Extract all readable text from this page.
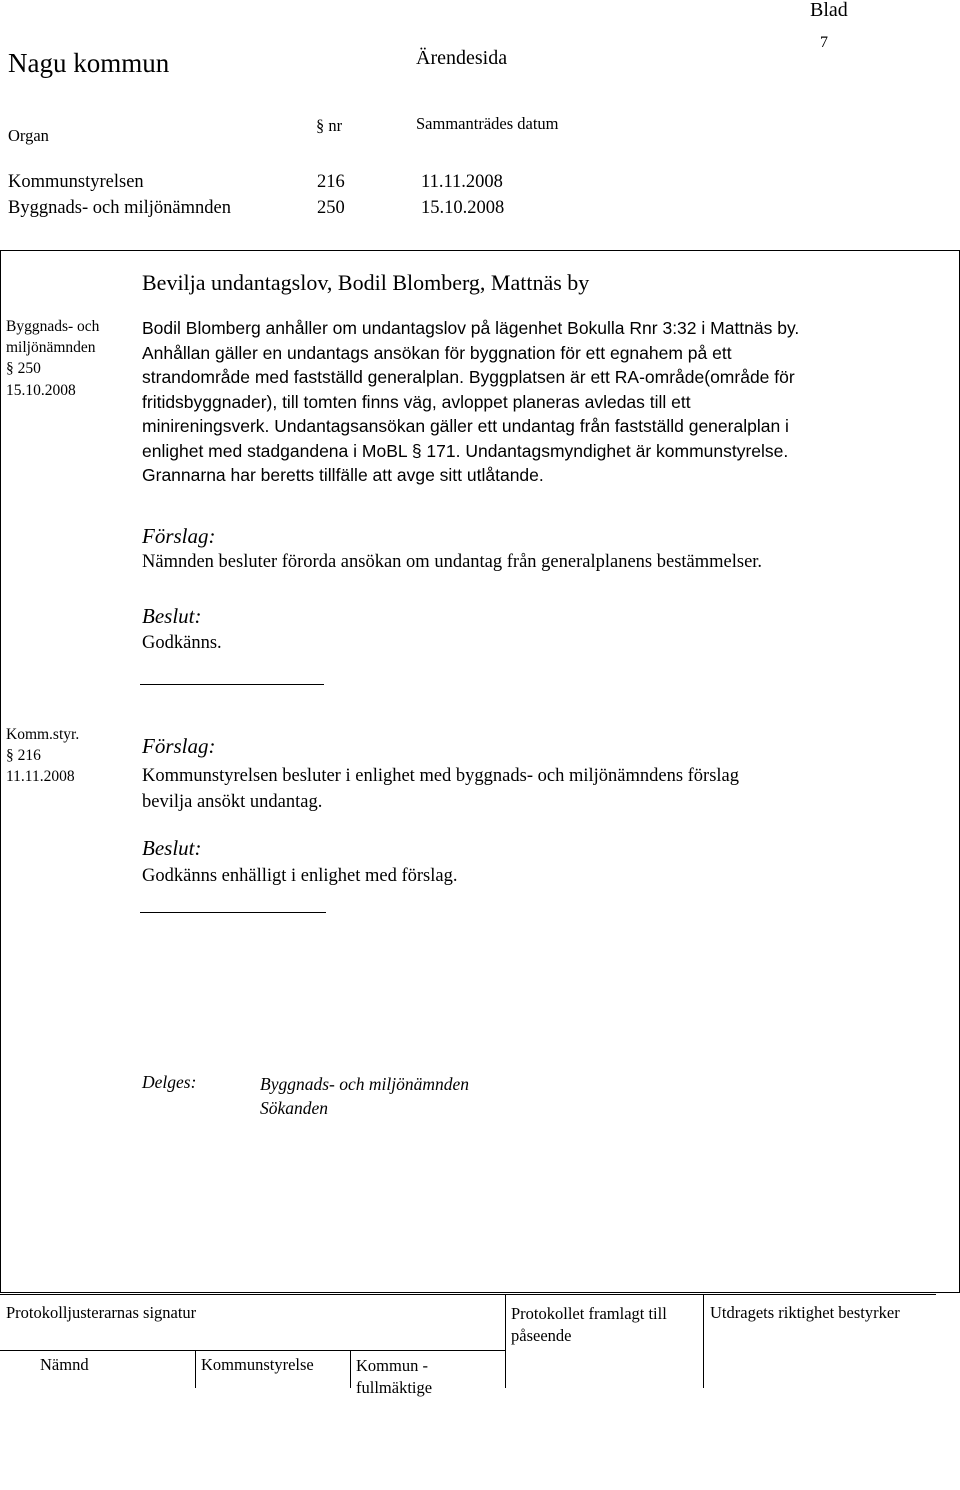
Blad
7
Nagu kommun	Ärendesida
Organ
§ nr	Sammanträdes datum
Kommunstyrelsen	216	11.11.2008
Byggnads- och miljönämnden	250	15.10.2008
Bevilja undantagslov, Bodil Blomberg, Mattnäs by
Byggnads- och
miljönämnden
§ 250
15.10.2008
Bodil Blomberg anhåller om undantagslov på lägenhet Bokulla Rnr 3:32 i Mattnäs by.
Anhållan gäller en undantags ansökan för byggnation för ett egnahem på ett
strandområde med fastställd generalplan. Byggplatsen är ett RA-område(område för
fritidsbyggnader), till tomten finns väg, avloppet planeras avledas till ett
minireningsverk. Undantagsansökan gäller ett undantag från fastställd generalplan i
enlighet med stadgandena i MoBL § 171. Undantagsmyndighet är kommunstyrelse.
Grannarna har beretts tillfälle att avge sitt utlåtande.
Förslag:
Nämnden besluter förorda ansökan om undantag från generalplanens bestämmelser.
Beslut:
Godkänns.
Komm.styr.
§ 216
11.11.2008
Förslag:
Kommunstyrelsen besluter i enlighet med byggnads- och miljönämndens förslag
bevilja ansökt undantag.
Beslut:
Godkänns enhälligt i enlighet med förslag.
Delges:	Byggnads- och miljönämnden
Sökanden
Protokolljusterarnas signatur	Protokollet framlagt till
påseende
Utdragets riktighet bestyrker
Nämnd	Kommunstyrelse	Kommun -
fullmäktige
